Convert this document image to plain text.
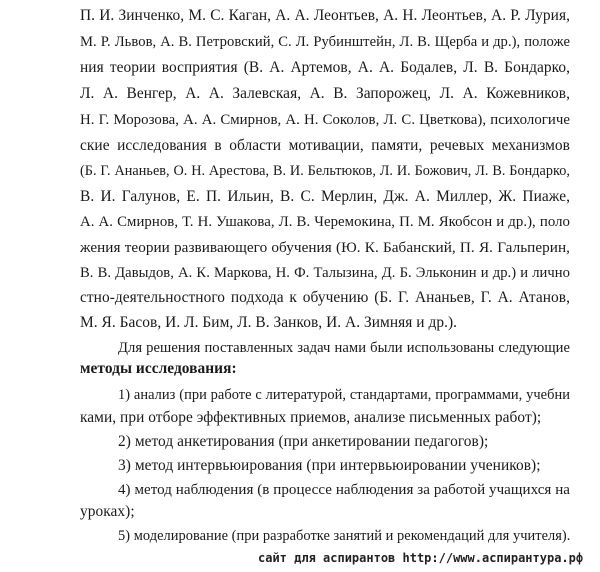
П. И. Зинченко, М. С. Каган, А. А. Леонтьев, А. Н. Леонтьев, А. Р. Лурия,
М. Р. Львов, А. В. Петровский, С. Л. Рубинштейн, Л. В. Щерба и др.), положе
ния теории восприятия (В. А. Артемов, А. А. Бодалев, Л. В. Бондарко,
Л. А. Венгер, А. А. Залевская, А. В. Запорожец, Л. А. Кожевников,
Н. Г. Морозова, А. А. Смирнов, А. Н. Соколов, Л. С. Цветкова), психологиче
ские исследования в области мотивации, памяти, речевых механизмов
(Б. Г. Ананьев, О. Н. Арестова, В. И. Бельтюков, Л. И. Божович, Л. В. Бондарко,
В. И. Галунов, Е. П. Ильин, В. С. Мерлин, Дж. А. Миллер, Ж. Пиаже,
А. А. Смирнов, Т. Н. Ушакова, Л. В. Черемокина, П. М. Якобсон и др.), поло
жения теории развивающего обучения (Ю. К. Бабанский, П. Я. Гальперин,
В. В. Давыдов, А. К. Маркова, Н. Ф. Талызина, Д. Б. Эльконин и др.) и лично
стно-деятельностного подхода к обучению (Б. Г. Ананьев, Г. А. Атанов,
М. Я. Басов, И. Л. Бим, Л. В. Занков, И. А. Зимняя и др.).
Для решения поставленных задач нами были использованы следующие
методы исследования:
1) анализ (при работе с литературой, стандартами, программами, учебни
ками, при отборе эффективных приемов, анализе письменных работ);
2) метод анкетирования (при анкетировании педагогов);
3) метод интервьюирования (при интервьюировании учеников);
4) метод наблюдения (в процессе наблюдения за работой учащихся на
уроках);
5) моделирование (при разработке занятий и рекомендаций для учителя).
сайт для аспирантов http://www.аспирантура.рф
